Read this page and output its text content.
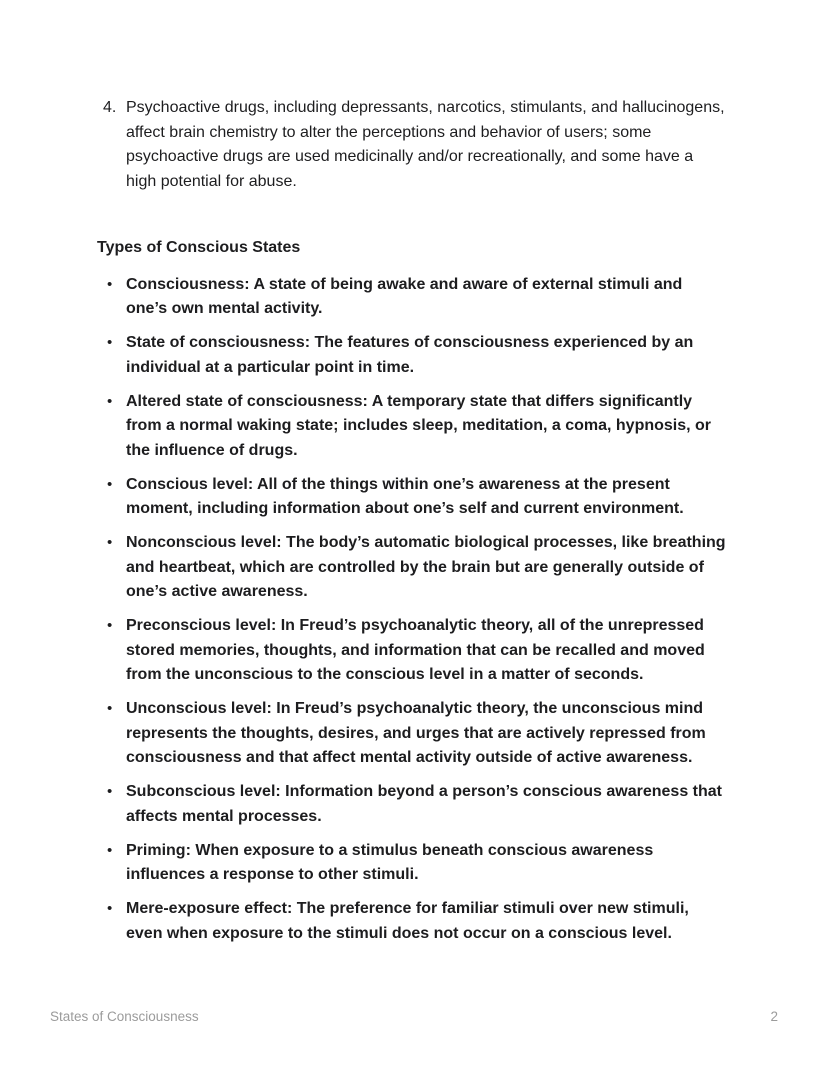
4. Psychoactive drugs, including depressants, narcotics, stimulants, and hallucinogens, affect brain chemistry to alter the perceptions and behavior of users; some psychoactive drugs are used medicinally and/or recreationally, and some have a high potential for abuse.
Types of Conscious States
• Consciousness: A state of being awake and aware of external stimuli and one’s own mental activity.
• State of consciousness: The features of consciousness experienced by an individual at a particular point in time.
• Altered state of consciousness: A temporary state that differs significantly from a normal waking state; includes sleep, meditation, a coma, hypnosis, or the influence of drugs.
• Conscious level: All of the things within one’s awareness at the present moment, including information about one’s self and current environment.
• Nonconscious level: The body’s automatic biological processes, like breathing and heartbeat, which are controlled by the brain but are generally outside of one’s active awareness.
• Preconscious level: In Freud’s psychoanalytic theory, all of the unrepressed stored memories, thoughts, and information that can be recalled and moved from the unconscious to the conscious level in a matter of seconds.
• Unconscious level: In Freud’s psychoanalytic theory, the unconscious mind represents the thoughts, desires, and urges that are actively repressed from consciousness and that affect mental activity outside of active awareness.
• Subconscious level: Information beyond a person’s conscious awareness that affects mental processes.
• Priming: When exposure to a stimulus beneath conscious awareness influences a response to other stimuli.
• Mere-exposure effect: The preference for familiar stimuli over new stimuli, even when exposure to the stimuli does not occur on a conscious level.
States of Consciousness	2
